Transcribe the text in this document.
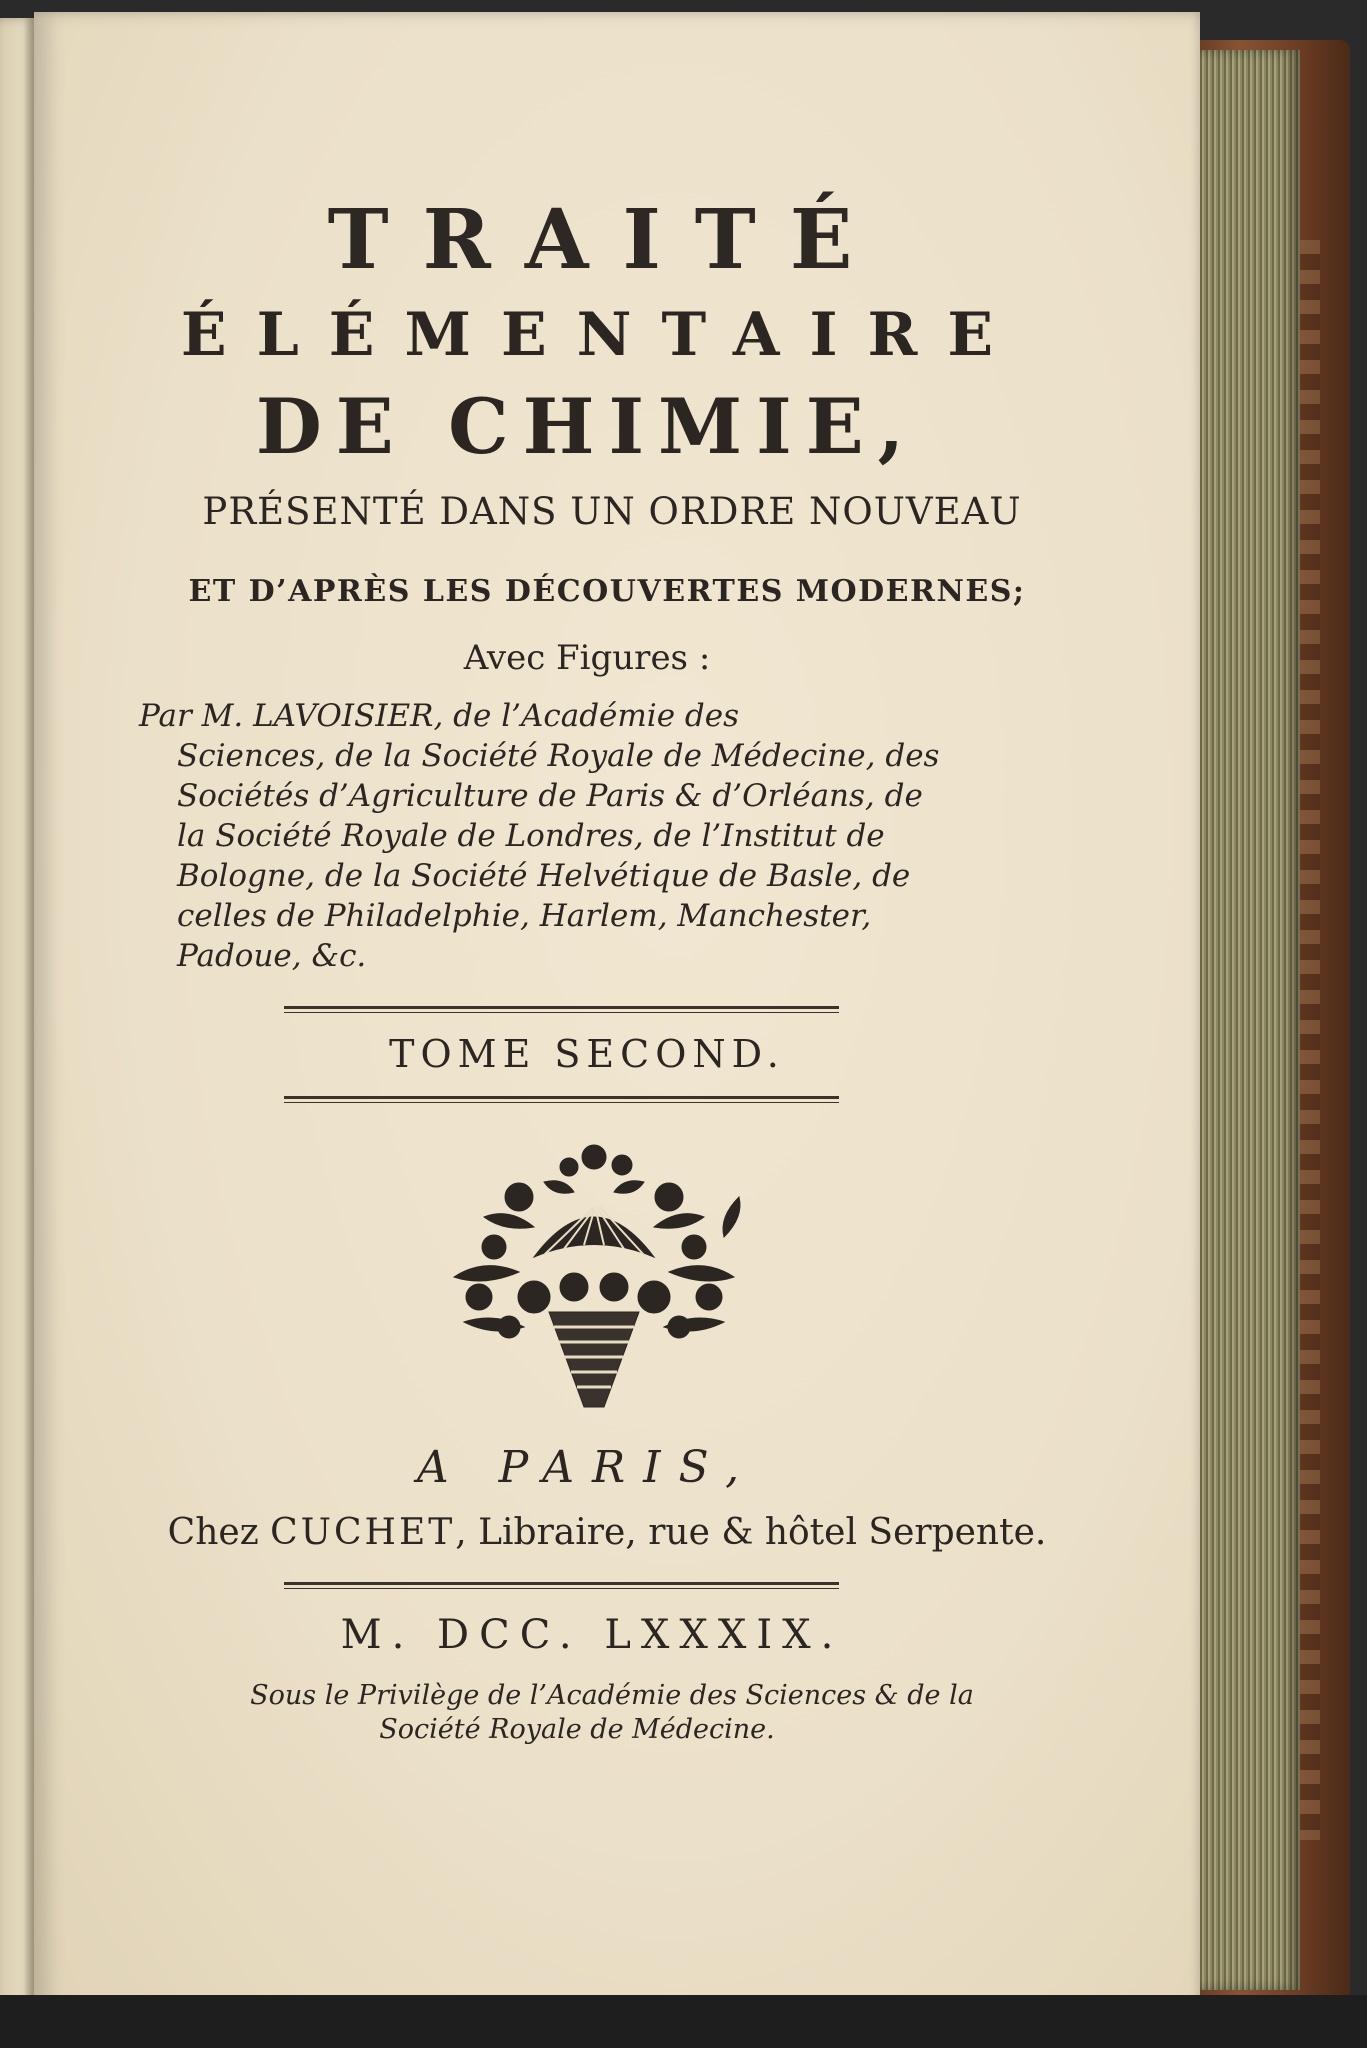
TRAITÉ
ÉLÉMENTAIRE
DE CHIMIE,
PRÉSENTÉ DANS UN ORDRE NOUVEAU
ET D’APRÈS LES DÉCOUVERTES MODERNES;
Avec Figures :
Par M. LAVOISIER, de l’Académie des
Sciences, de la Société Royale de Médecine, des
Sociétés d’Agriculture de Paris & d’Orléans, de
la Société Royale de Londres, de l’Institut de
Bologne, de la Société Helvétique de Basle, de
celles de Philadelphie, Harlem, Manchester,
Padoue, &c.
TOME SECOND.
A PARIS,
Chez CUCHET, Libraire, rue & hôtel Serpente.
M. DCC. LXXXIX.
Sous le Privilège de l’Académie des Sciences & de la
Société Royale de Médecine.
